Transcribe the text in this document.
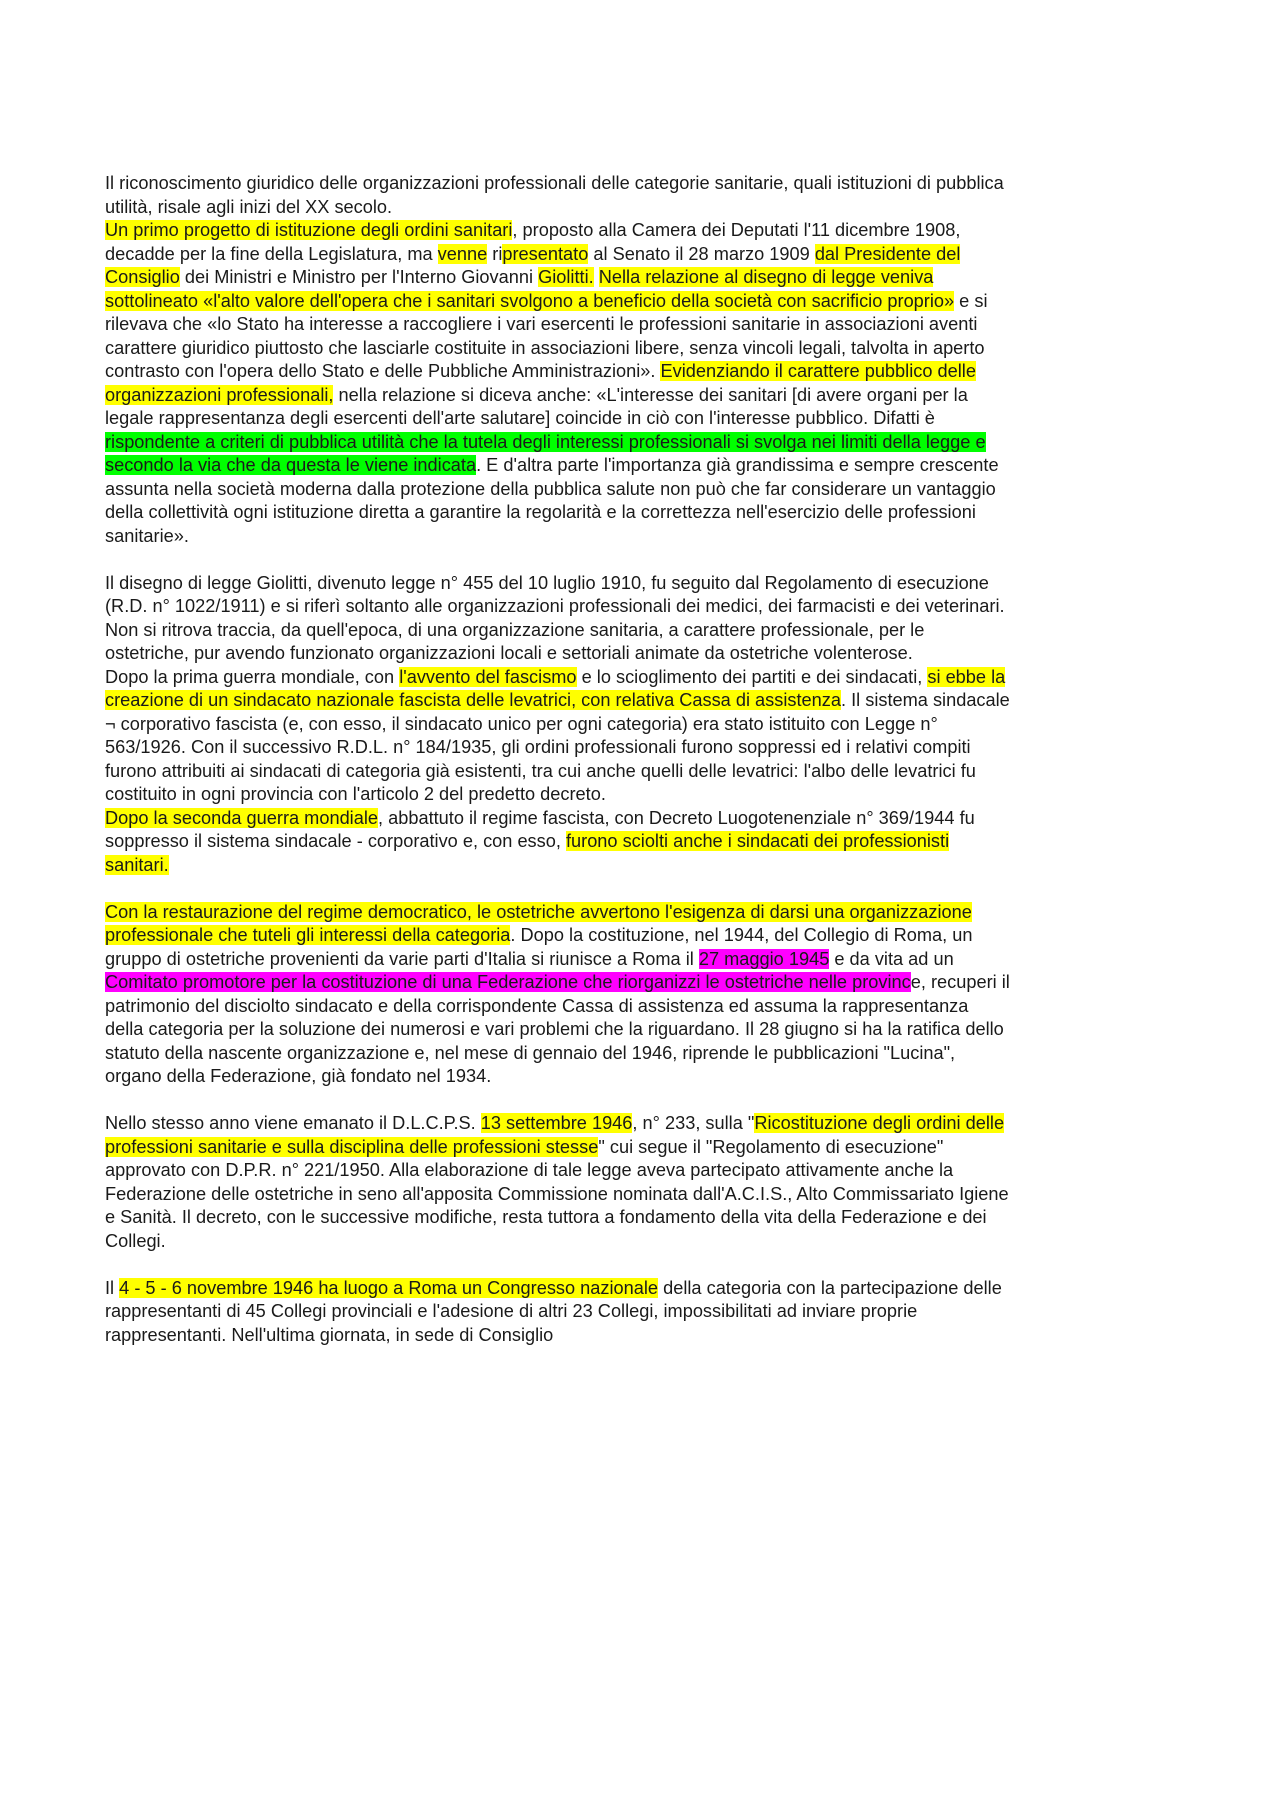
Il riconoscimento giuridico delle organizzazioni professionali delle categorie sanitarie, quali istituzioni di pubblica utilità, risale agli inizi del XX secolo.

Un primo progetto di istituzione degli ordini sanitari, proposto alla Camera dei Deputati l'11 dicembre 1908, decadde per la fine della Legislatura, ma venne ripresentato al Senato il 28 marzo 1909 dal Presidente del Consiglio dei Ministri e Ministro per l'Interno Giovanni Giolitti. Nella relazione al disegno di legge veniva sottolineato «l'alto valore dell'opera che i sanitari svolgono a beneficio della società con sacrificio proprio» e si rilevava che «lo Stato ha interesse a raccogliere i vari esercenti le professioni sanitarie in associazioni aventi carattere giuridico piuttosto che lasciarle costituite in associazioni libere, senza vincoli legali, talvolta in aperto contrasto con l'opera dello Stato e delle Pubbliche Amministrazioni». Evidenziando il carattere pubblico delle organizzazioni professionali, nella relazione si diceva anche: «L'interesse dei sanitari [di avere organi per la legale rappresentanza degli esercenti dell'arte salutare] coincide in ciò con l'interesse pubblico. Difatti è rispondente a criteri di pubblica utilità che la tutela degli interessi professionali si svolga nei limiti della legge e secondo la via che da questa le viene indicata. E d'altra parte l'importanza già grandissima e sempre crescente assunta nella società moderna dalla protezione della pubblica salute non può che far considerare un vantaggio della collettività ogni istituzione diretta a garantire la regolarità e la correttezza nell'esercizio delle professioni sanitarie».

Il disegno di legge Giolitti, divenuto legge n° 455 del 10 luglio 1910, fu seguito dal Regolamento di esecuzione (R.D. n° 1022/1911) e si riferì soltanto alle organizzazioni professionali dei medici, dei farmacisti e dei veterinari. Non si ritrova traccia, da quell'epoca, di una organizzazione sanitaria, a carattere professionale, per le ostetriche, pur avendo funzionato organizzazioni locali e settoriali animate da ostetriche volenterose.

Dopo la prima guerra mondiale, con l'avvento del fascismo e lo scioglimento dei partiti e dei sindacati, si ebbe la creazione di un sindacato nazionale fascista delle levatrici, con relativa Cassa di assistenza. Il sistema sindacale ¬ corporativo fascista (e, con esso, il sindacato unico per ogni categoria) era stato istituito con Legge n° 563/1926. Con il successivo R.D.L. n° 184/1935, gli ordini professionali furono soppressi ed i relativi compiti furono attribuiti ai sindacati di categoria già esistenti, tra cui anche quelli delle levatrici: l'albo delle levatrici fu costituito in ogni provincia con l'articolo 2 del predetto decreto.

Dopo la seconda guerra mondiale, abbattuto il regime fascista, con Decreto Luogotenenziale n° 369/1944 fu soppresso il sistema sindacale - corporativo e, con esso, furono sciolti anche i sindacati dei professionisti sanitari.

Con la restaurazione del regime democratico, le ostetriche avvertono l'esigenza di darsi una organizzazione professionale che tuteli gli interessi della categoria. Dopo la costituzione, nel 1944, del Collegio di Roma, un gruppo di ostetriche provenienti da varie parti d'Italia si riunisce a Roma il 27 maggio 1945 e da vita ad un Comitato promotore per la costituzione di una Federazione che riorganizzi le ostetriche nelle province, recuperi il patrimonio del disciolto sindacato e della corrispondente Cassa di assistenza ed assuma la rappresentanza della categoria per la soluzione dei numerosi e vari problemi che la riguardano. Il 28 giugno si ha la ratifica dello statuto della nascente organizzazione e, nel mese di gennaio del 1946, riprende le pubblicazioni "Lucina", organo della Federazione, già fondato nel 1934.

Nello stesso anno viene emanato il D.L.C.P.S. 13 settembre 1946, n° 233, sulla "Ricostituzione degli ordini delle professioni sanitarie e sulla disciplina delle professioni stesse" cui segue il "Regolamento di esecuzione" approvato con D.P.R. n° 221/1950. Alla elaborazione di tale legge aveva partecipato attivamente anche la Federazione delle ostetriche in seno all'apposita Commissione nominata dall'A.C.I.S., Alto Commissariato Igiene e Sanità. Il decreto, con le successive modifiche, resta tuttora a fondamento della vita della Federazione e dei Collegi.

Il 4 - 5 - 6 novembre 1946 ha luogo a Roma un Congresso nazionale della categoria con la partecipazione delle rappresentanti di 45 Collegi provinciali e l'adesione di altri 23 Collegi, impossibilitati ad inviare proprie rappresentanti. Nell'ultima giornata, in sede di Consiglio
